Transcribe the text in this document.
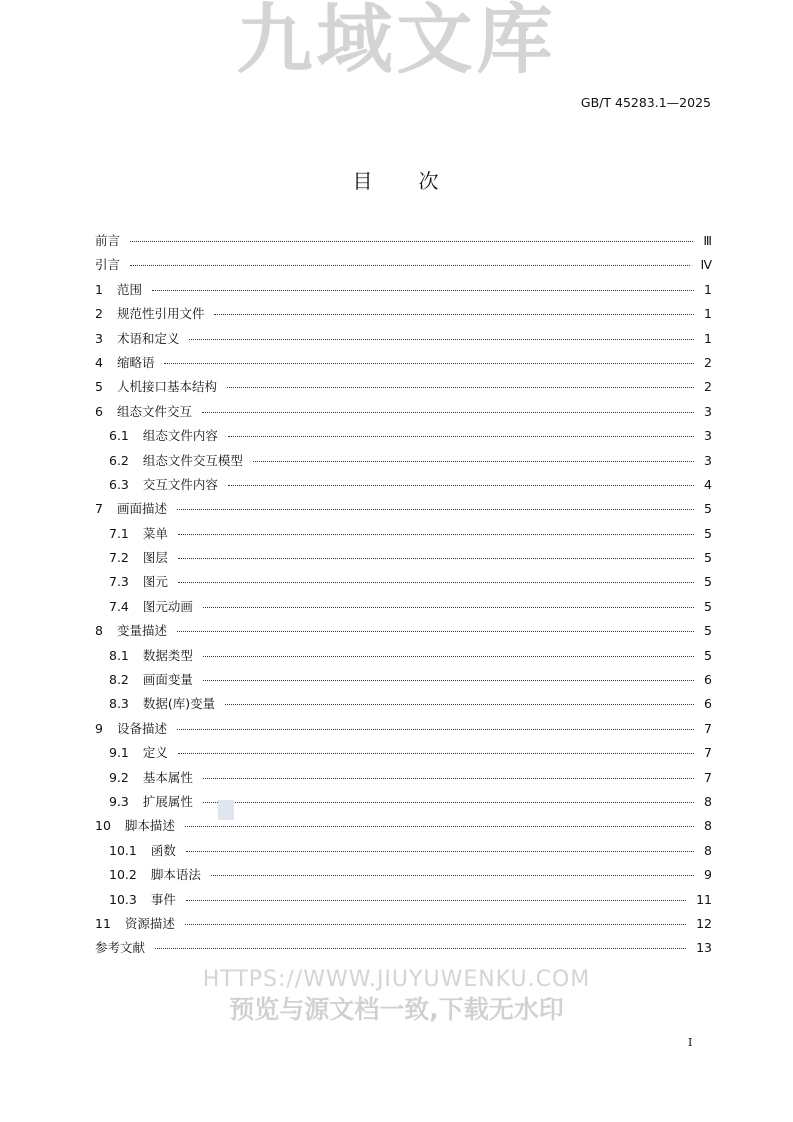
GB/T 45283.1—2025
目　　次
前言	Ⅲ
引言	Ⅳ
1 范围	1
2 规范性引用文件	1
3 术语和定义	1
4 缩略语	2
5 人机接口基本结构	2
6 组态文件交互	3
6.1 组态文件内容	3
6.2 组态文件交互模型	3
6.3 交互文件内容	4
7 画面描述	5
7.1 菜单	5
7.2 图层	5
7.3 图元	5
7.4 图元动画	5
8 变量描述	5
8.1 数据类型	5
8.2 画面变量	6
8.3 数据(库)变量	6
9 设备描述	7
9.1 定义	7
9.2 基本属性	7
9.3 扩展属性	8
10 脚本描述	8
10.1 函数	8
10.2 脚本语法	9
10.3 事件	11
11 资源描述	12
参考文献	13
九域文库
HTTPS://WWW.JIUYUWENKU.COM
预览与源文档一致,下载无水印
I
